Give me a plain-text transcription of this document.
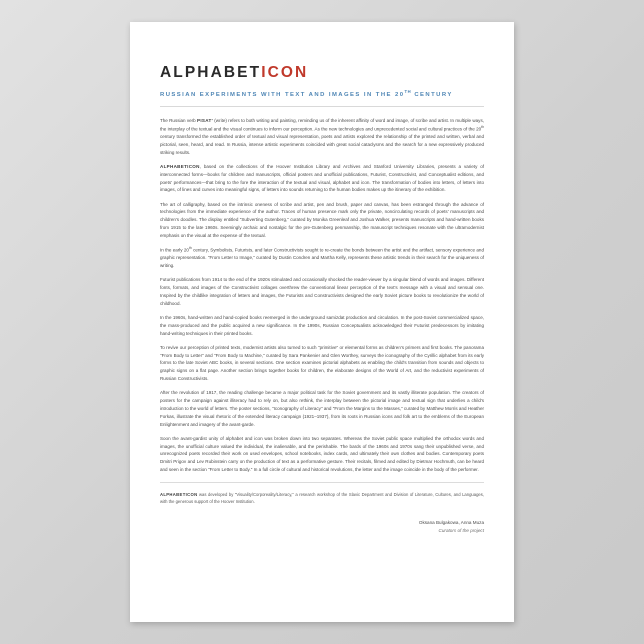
ALPHABETICON
RUSSIAN EXPERIMENTS WITH TEXT AND IMAGES IN THE 20TH CENTURY

The Russian verb PISAT' (write) refers to both writing and painting, reminding us of the inherent affinity of word and image, of scribe and artist. In multiple ways, the interplay of the textual and the visual continues to inform our perception. As the new technologies and unprecedented social and cultural practices of the 20th century transformed the established order of textual and visual representation, poets and artists explored the relationship of the printed and written, verbal and pictorial, seen, heard, and read. In Russia, intense artistic experiments coincided with great social cataclysms and the search for a new expressively produced striking results.

ALPHABETICON, based on the collections of the Hoover Institution Library and Archives and Stanford University Libraries, presents a variety of interconnected forms—books for children and manuscripts, official posters and unofficial publications, Futurist, Constructivist, and Conceptualist editions, and poets' performances—that bring to the fore the interaction of the textual and visual, alphabet and icon. The transformation of bodies into letters, of letters into images, of lines and curves into meaningful signs, of letters into sounds returning to the human bodies makes up the itinerary of the exhibition.

The art of calligraphy, based on the intrinsic oneness of scribe and artist, pen and brush, paper and canvas, has been estranged through the advance of technologies from the immediate experience of the author. Traces of human presence mark only the private, noncirculating records of poets' manuscripts and children's doodles. The display entitled "Subverting Gutenberg," curated by Monika Greenleaf and Joshua Walker, presents manuscripts and hand-written books from 1915 to the late 1960s. Seemingly archaic and nostalgic for the pre-Gutenberg penmanship, the manuscript techniques resonate with the ultramodernist emphasis on the visual at the expense of the textual.

In the early 20th century, Symbolists, Futurists, and later Constructivists sought to re-create the bonds between the artist and the artifact, sensory experience and graphic representation. "From Letter to Image," curated by Dustin Condren and Martha Kelly, represents these artistic trends in their search for the uniqueness of writing.

Futurist publications from 1914 to the end of the 1920s stimulated and occasionally shocked the reader-viewer by a singular blend of words and images. Different fonts, formats, and images of the Constructivist collages overthrew the conventional linear perception of the text's message with a visual and sensual one. Inspired by the childlike integration of letters and images, the Futurists and Constructivists designed the early Soviet picture books to revolutionize the world of childhood.

In the 1960s, hand-written and hand-copied books reemerged in the underground samizdat production and circulation. In the post-Soviet commercialized space, the mass-produced and the public acquired a new significance. In the 1990s, Russian Conceptualists acknowledged their Futurist predecessors by imitating hand-writing techniques in their printed books.

To revive our perception of printed texts, modernist artists also turned to such "primitive" or elemental forms as children's primers and first books. The panorama "From Body to Letter" and "From Body to Machine," curated by Sara Pankenier and Glen Worthey, surveys the iconography of the Cyrillic alphabet from its early forms to the late Soviet ABC books, in several sections. One section examines pictorial alphabets as enabling the child's transition from sounds and objects to graphic signs on a flat page. Another section brings together books for children, the elaborate designs of the World of Art, and the reductivist experiments of Russian Constructivists.

After the revolution of 1917, the reading challenge became a major political task for the Soviet government and its vastly illiterate population. The creators of posters for the campaign against illiteracy had to rely on, but also rethink, the interplay between the pictorial image and textual sign that underlies a child's introduction to the world of letters. The poster sections, "Iconography of Literacy" and "From the Margins to the Masses," curated by Matthew Morris and Heather Forkas, illustrate the visual rhetoric of the extended literacy campaign (1921–1937), from its roots in Russian icons and folk art to the emblems of the European Enlightenment and imagery of the avant-garde.

Soon the avant-gardist unity of alphabet and icon was broken down into two separates. Whereas the Soviet public space multiplied the orthodox words and images, the unofficial culture valued the individual, the inalienable, and the perishable. The bards of the 1960s and 1970s sang their unpublished verse, and unrecognized poets recorded their work on used envelopes, school notebooks, index cards, and ultimately their own clothes and bodies. Contemporary poets Dmitri Prigov and Lev Rubinstein carry on the production of text as a performative gesture. Their recitals, filmed and edited by Dietmar Hochmuth, can be heard and seen in the section "From Letter to Body." In a full circle of cultural and historical revolutions, the letter and the image coincide in the body of the performer.

ALPHABETICON was developed by "Visuality/Corporeality/Literacy," a research workshop of the Slavic Department and Division of Literature, Cultures, and Languages, with the generous support of the Hoover Institution.
Oksana Bulgakowa, Anna Muza
Curators of the project
